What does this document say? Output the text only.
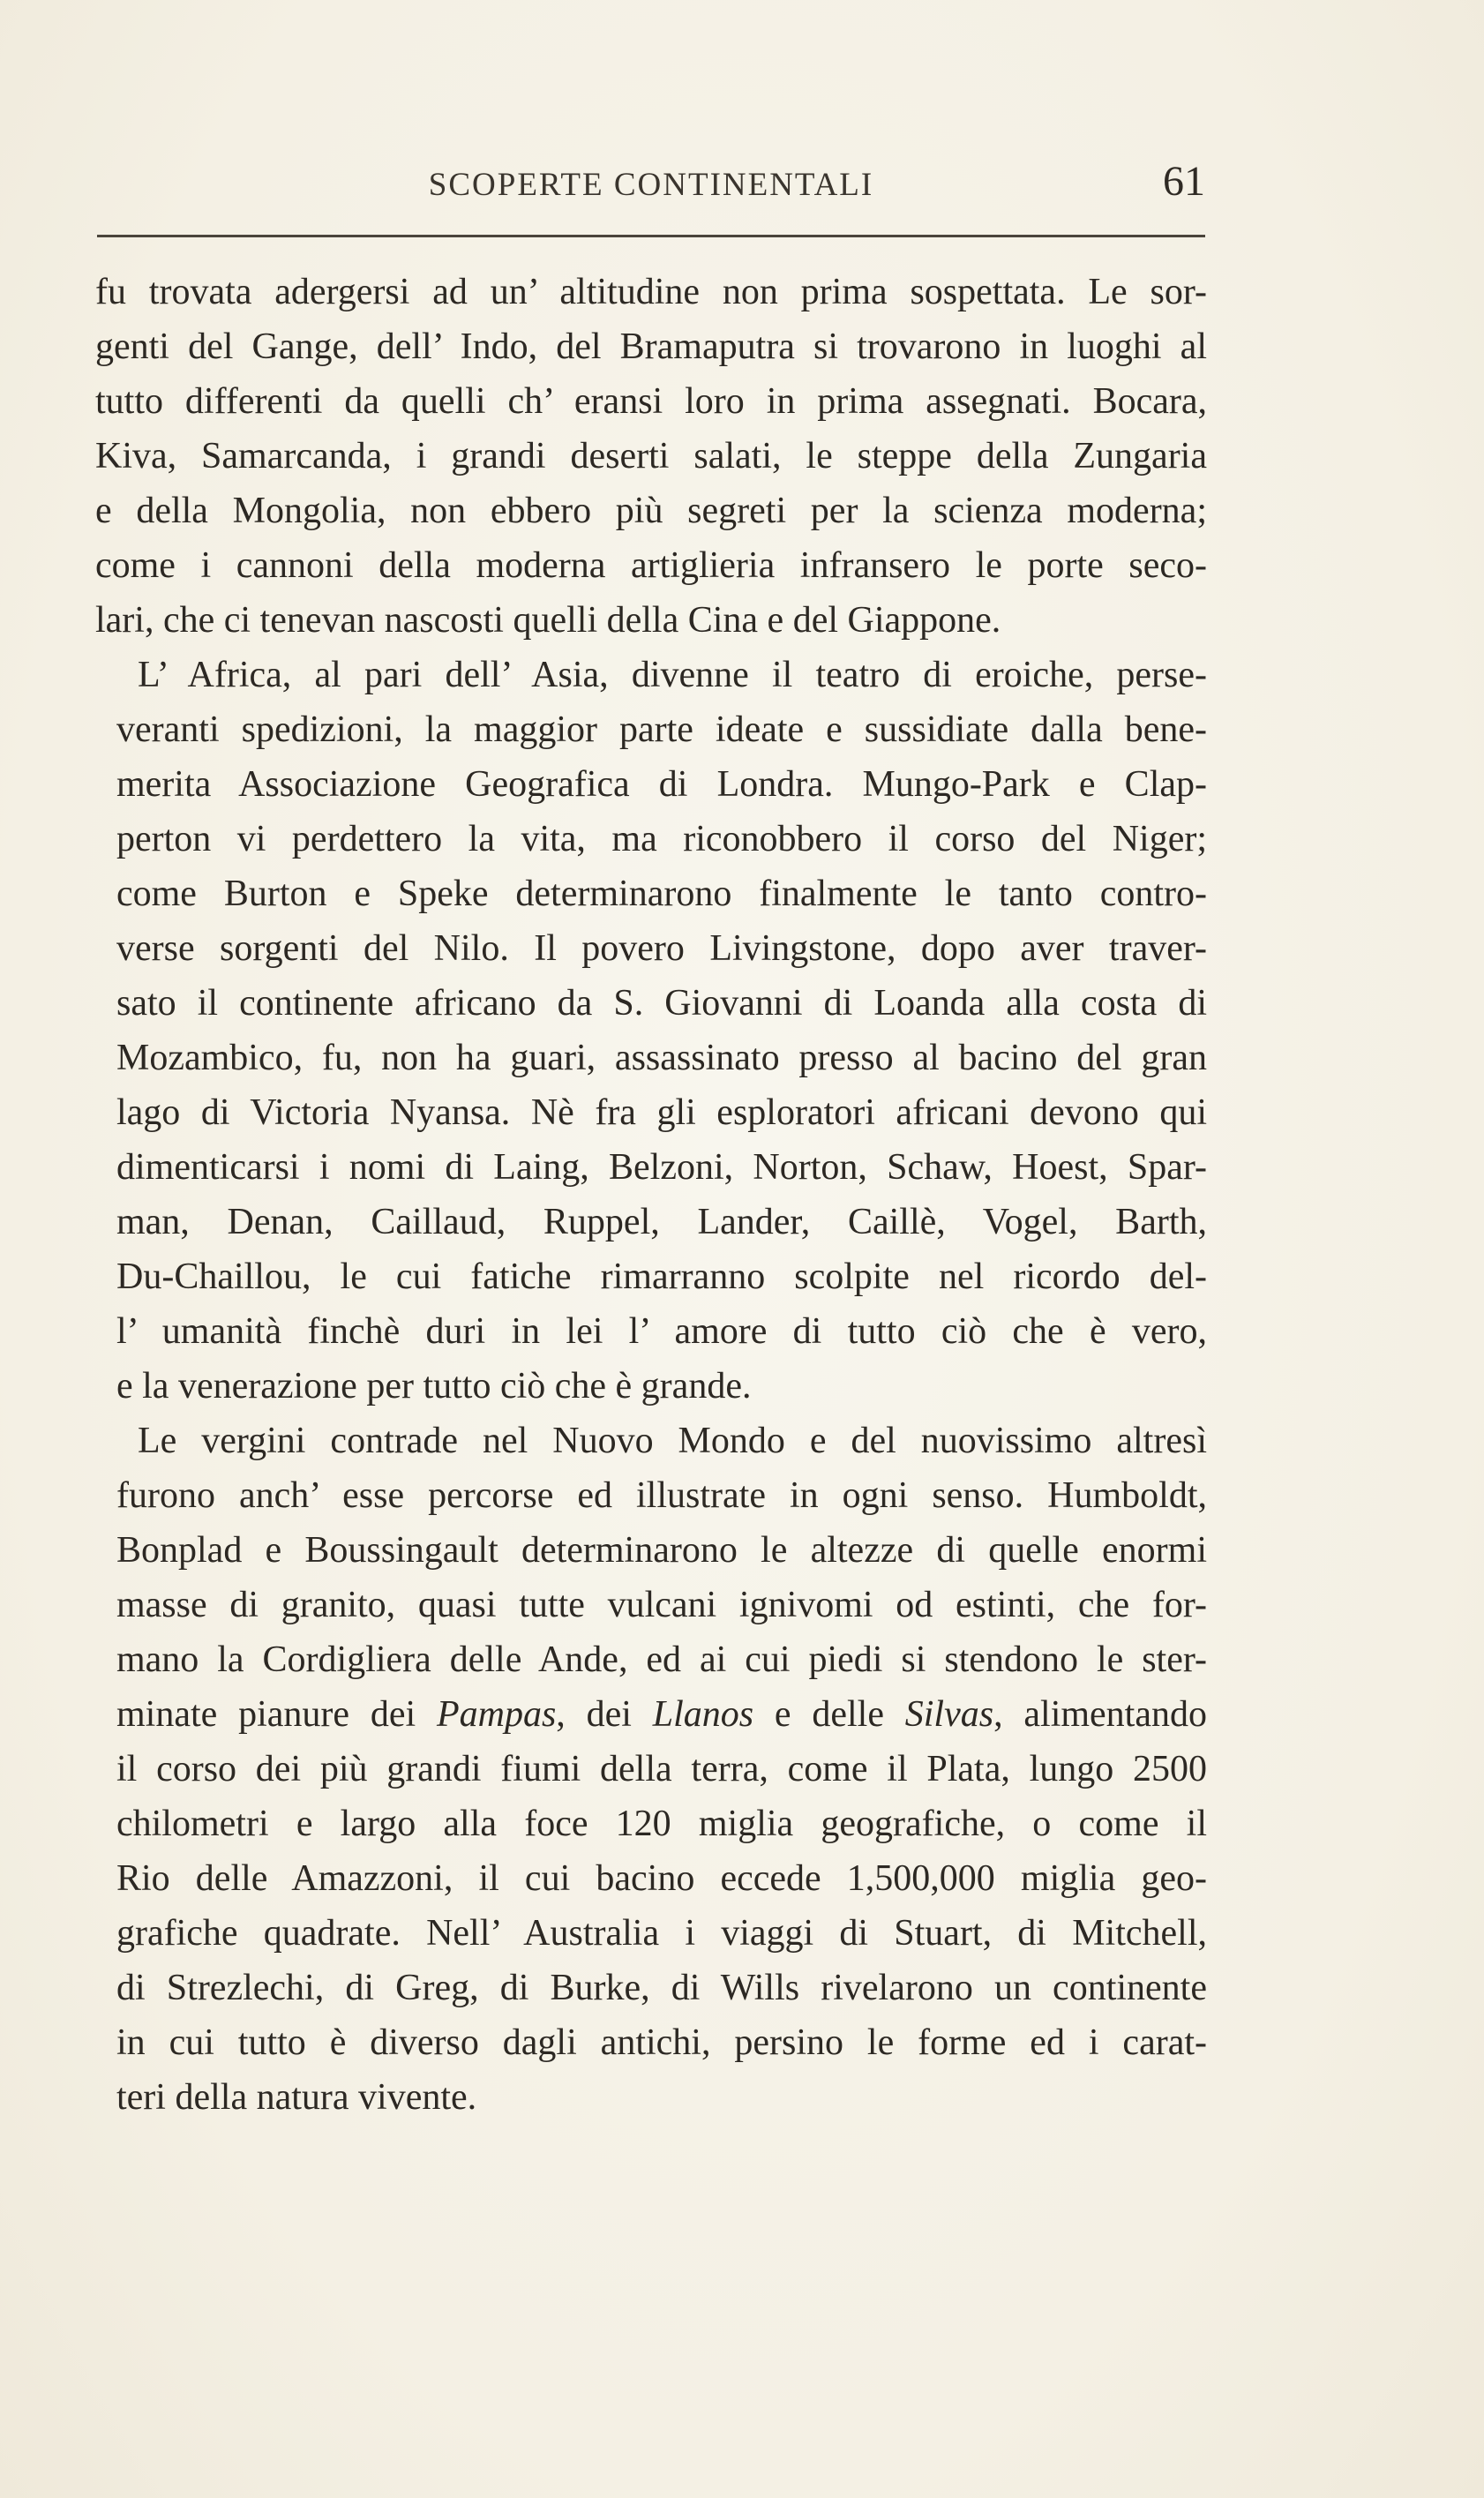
SCOPERTE CONTINENTALI	61
fu trovata adergersi ad un’ altitudine non prima sospettata. Le sor-
genti del Gange, dell’ Indo, del Bramaputra si trovarono in luoghi al
tutto differenti da quelli ch’ eransi loro in prima assegnati. Bocara,
Kiva, Samarcanda, i grandi deserti salati, le steppe della Zungaria
e della Mongolia, non ebbero più segreti per la scienza moderna;
come i cannoni della moderna artiglieria infransero le porte seco-
lari, che ci tenevan nascosti quelli della Cina e del Giappone.
L’ Africa, al pari dell’ Asia, divenne il teatro di eroiche, perse-
veranti spedizioni, la maggior parte ideate e sussidiate dalla bene-
merita Associazione Geografica di Londra. Mungo-Park e Clap-
perton vi perdettero la vita, ma riconobbero il corso del Niger;
come Burton e Speke determinarono finalmente le tanto contro-
verse sorgenti del Nilo. Il povero Livingstone, dopo aver traver-
sato il continente africano da S. Giovanni di Loanda alla costa di
Mozambico, fu, non ha guari, assassinato presso al bacino del gran
lago di Victoria Nyansa. Nè fra gli esploratori africani devono qui
dimenticarsi i nomi di Laing, Belzoni, Norton, Schaw, Hoest, Spar-
man, Denan, Caillaud, Ruppel, Lander, Caillè, Vogel, Barth,
Du-Chaillou, le cui fatiche rimarranno scolpite nel ricordo del-
l’ umanità finchè duri in lei l’ amore di tutto ciò che è vero,
e la venerazione per tutto ciò che è grande.
Le vergini contrade nel Nuovo Mondo e del nuovissimo altresì
furono anch’ esse percorse ed illustrate in ogni senso. Humboldt,
Bonplad e Boussingault determinarono le altezze di quelle enormi
masse di granito, quasi tutte vulcani ignivomi od estinti, che for-
mano la Cordigliera delle Ande, ed ai cui piedi si stendono le ster-
minate pianure dei Pampas, dei Llanos e delle Silvas, alimentando
il corso dei più grandi fiumi della terra, come il Plata, lungo 2500
chilometri e largo alla foce 120 miglia geografiche, o come il
Rio delle Amazzoni, il cui bacino eccede 1,500,000 miglia geo-
grafiche quadrate. Nell’ Australia i viaggi di Stuart, di Mitchell,
di Strezlechi, di Greg, di Burke, di Wills rivelarono un continente
in cui tutto è diverso dagli antichi, persino le forme ed i carat-
teri della natura vivente.
